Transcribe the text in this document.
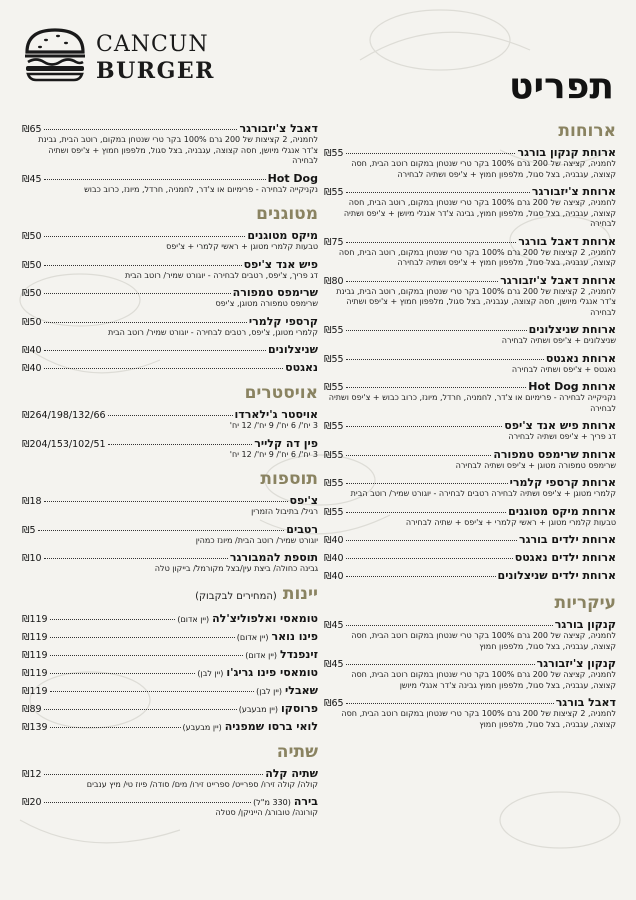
CANCUN
BURGER	תפריט
ארוחות
ארוחת קנקון בורגר
₪55
לחמניה, קציצה של 200 גרם 100% בקר טרי שנטחן במקום רוטב הבית, חסה קצוצה, עגבניה, בצל סגול, מלפפון חמוץ + צ'יפס ושתיה לבחירה
ארוחת צ'יזבורגר
₪55
לחמניה, קציצה של 200 גרם 100% בקר טרי שנטחן במקום, רוטב הבית, חסה קצוצה, עגבניה, בצל סגול, מלפפון חמוץ, גבינה צ'דר אנגלי מיושן + צ'יפס ושתיה לבחירה
ארוחת דאבל בורגר
₪75
לחמניה, 2 קציצות של 200 גרם 100% בקר טרי שנטחן במקום, רוטב הבית, חסה קצוצה, עגבניה, בצל סגול, מלפפון חמוץ + צ'יפס ושתיה לבחירה
ארוחת דאבל צ'יזבורגר
₪80
לחמניה, 2 קציצות של 200 גרם 100% בקר טרי שנטחן במקום, רוטב הבית, גבינת צ'דר אנגלי מיושן, חסה קצוצה, עגבניה, בצל סגול, מלפפון חמוץ + צ'יפס ושתיה לבחירה
ארוחת שניצלונים
₪55
שניצלונים + צ'יפס ושתיה לבחירה
ארוחת נאגטס
₪55
נאגטס + צ'יפס ושתיה לבחירה
ארוחת Hot Dog
₪55
נקניקייה לבחירה - פרימיום או צ'דר, לחמניה, חרדל, מיונז, כרוב כבוש + צ'יפס ושתיה לבחירה
ארוחת פיש אנד צ'יפס
₪55
דג פריך + צ'יפס ושתיה לבחירה
ארוחת שרימפס טמפורה
₪55
שרימפס טמפורה מטוגן + צ'יפס ושתיה לבחירה
ארוחת קרספי קלמרי
₪55
קלמרי מטוגן + צ'יפס ושתיה לבחירה רטבים לבחירה - יוגורט שמיר/ רוטב הבית
ארוחת מיקס מטוגנים
₪55
טבעות קלמרי מטוגן + ראשי קלמרי + צ'יפס + שתיה לבחירה
ארוחת ילדים בורגר
₪40
ארוחת ילדים נאגטס
₪40
ארוחת ילדים שניצלונים
₪40
עיקריות
קנקון בורגר
₪45
לחמניה, קציצה של 200 גרם 100% בקר טרי שנטחן במקום רוטב הבית, חסה קצוצה, עגבניה, בצל סגול, מלפפון חמוץ
קנקון צ'יזבורגר
₪45
לחמניה, קציצה של 200 גרם 100% בקר טרי שנטחן במקום רוטב הבית, חסה קצוצה, עגבניה, בצל סגול, מלפפון חמוץ גבינה צ'דר אנגלי מיושן
דאבל בורגר
₪65
לחמניה, 2 קציצות של 200 גרם 100% בקר טרי שנטחן במקום רוטב הבית, חסה קצוצה, עגבניה, בצל סגול, מלפפון חמוץ
דאבל צ'יזבורגר
₪65
לחמניה, 2 קציצות של 200 גרם 100% בקר טרי שנטחן במקום, רוטב הבית, גבינת צ'דר אנגלי מיושן, חסה קצוצה, עגבניה, בצל סגול, מלפפון חמוץ + צ'יפס ושתיה לבחירה
Hot Dog
₪45
נקניקייה לבחירה - פרימיום או צ'דר, לחמניה, חרדל, מיונז, כרוב כבוש
מטוגנים
מיקס מטוגנים
₪50
טבעות קלמרי מטוגן + ראשי קלמרי + צ'יפס
פיש אנד צ'יפס
₪50
דג פריך, צ'יפס, רטבים לבחירה - יוגורט שמיר/ רוטב הבית
שרימפס טמפורה
₪50
שרימפס טמפורה מטוגן, צ'יפס
קרספי קלמרי
₪50
קלמרי מטוגן, צ'יפס, רטבים לבחירה - יוגורט שמיר/ רוטב הבית
שניצלונים
₪40
נאגטס
₪40
אויסטרים
אויסטר ג'ילארדו
₪264/198/132/66
3 יח'/ 6 יח'/ 9 יח'/ 12 יח'
פין דה קלייר
₪204/153/102/51
3 יח'/ 6 יח'/ 9 יח'/ 12 יח'
תוספות
צ'יפס
₪18
רגיל/ בתיבול הזמרין
רטבים
₪5
יוגורט שמיר/ רוטב הבית/ מיונז כמהין
תוספת להמבורגר
₪10
גבינה כחולה/ ביצת עין/בצל מקורמל/ בייקון טלה
יינות(המחירים לבקבוק)
טומאסי ואלפוליצ'לה
(יין אדום)
₪119
פינו נואר
(יין אדום)
₪119
זינפנדל
(יין אדום)
₪119
טומאסי פינו גריג'ו
(יין לבן)
₪119
שאבלי
(יין לבן)
₪119
פרוסקו
(יין מבעבע)
₪89
לואי ברסו שמפניה
(יין מבעבע)
₪139
שתיה
שתיה קלה
₪12
קולה/ קולה זירו/ ספרייט/ ספרייט זירו/ מים/ סודה/ פיוז טי/ מיץ ענבים
בירה
(330 מ"ל)
₪20
קורונה/ טובורג/ הייניקן/ סטלה
